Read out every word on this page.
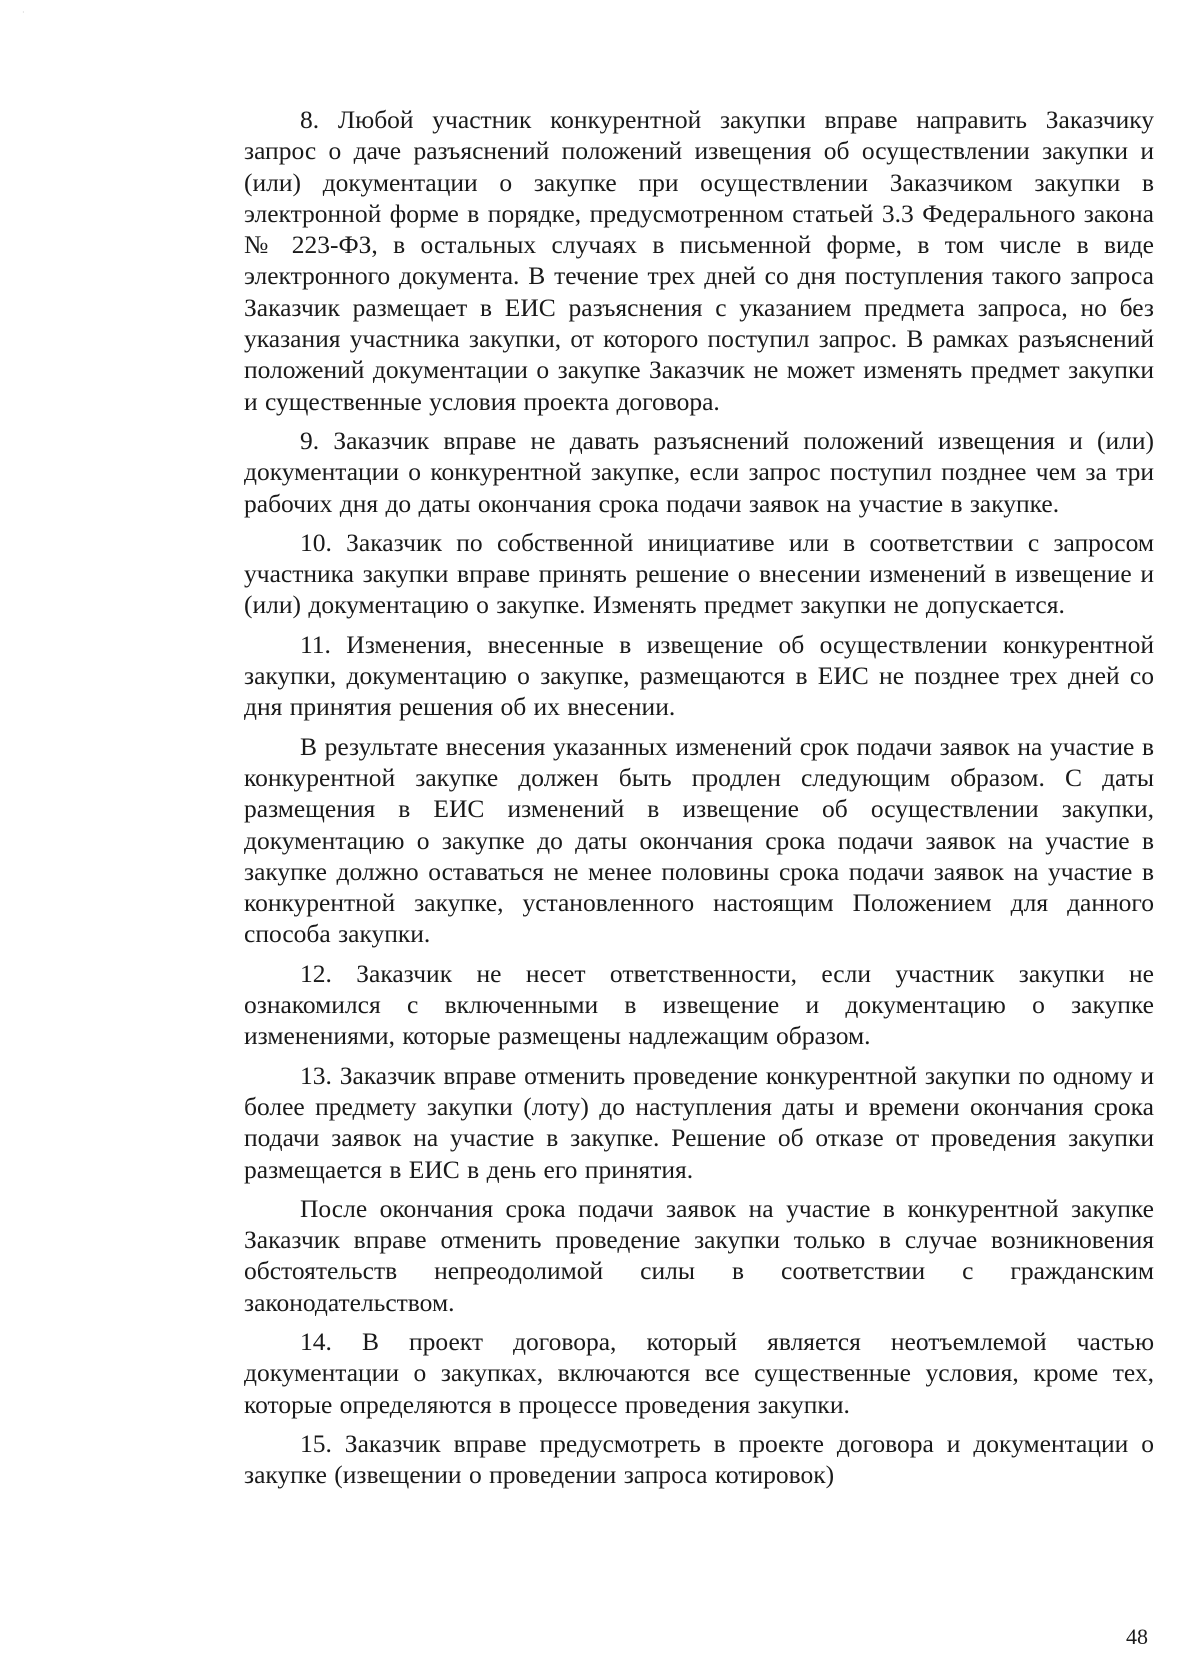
·

8. Любой участник конкурентной закупки вправе направить Заказчику запрос о даче разъяснений положений извещения об осуществлении закупки и (или) документации о закупке при осуществлении Заказчиком закупки в электронной форме в порядке, предусмотренном статьей 3.3 Федерального закона № 223-ФЗ, в остальных случаях в письменной форме, в том числе в виде электронного документа. В течение трех дней со дня поступления такого запроса Заказчик размещает в ЕИС разъяснения с указанием предмета запроса, но без указания участника закупки, от которого поступил запрос. В рамках разъяснений положений документации о закупке Заказчик не может изменять предмет закупки и существенные условия проекта договора.

9. Заказчик вправе не давать разъяснений положений извещения и (или) документации о конкурентной закупке, если запрос поступил позднее чем за три рабочих дня до даты окончания срока подачи заявок на участие в закупке.

10. Заказчик по собственной инициативе или в соответствии с запросом участника закупки вправе принять решение о внесении изменений в извещение и (или) документацию о закупке. Изменять предмет закупки не допускается.

11. Изменения, внесенные в извещение об осуществлении конкурентной закупки, документацию о закупке, размещаются в ЕИС не позднее трех дней со дня принятия решения об их внесении.

В результате внесения указанных изменений срок подачи заявок на участие в конкурентной закупке должен быть продлен следующим образом. С даты размещения в ЕИС изменений в извещение об осуществлении закупки, документацию о закупке до даты окончания срока подачи заявок на участие в закупке должно оставаться не менее половины срока подачи заявок на участие в конкурентной закупке, установленного настоящим Положением для данного способа закупки.

12. Заказчик не несет ответственности, если участник закупки не ознакомился с включенными в извещение и документацию о закупке изменениями, которые размещены надлежащим образом.

13. Заказчик вправе отменить проведение конкурентной закупки по одному и более предмету закупки (лоту) до наступления даты и времени окончания срока подачи заявок на участие в закупке. Решение об отказе от проведения закупки размещается в ЕИС в день его принятия.

После окончания срока подачи заявок на участие в конкурентной закупке Заказчик вправе отменить проведение закупки только в случае возникновения обстоятельств непреодолимой силы в соответствии с гражданским законодательством.

14. В проект договора, который является неотъемлемой частью документации о закупках, включаются все существенные условия, кроме тех, которые определяются в процессе проведения закупки.

15. Заказчик вправе предусмотреть в проекте договора и документации о закупке (извещении о проведении запроса котировок)

48
